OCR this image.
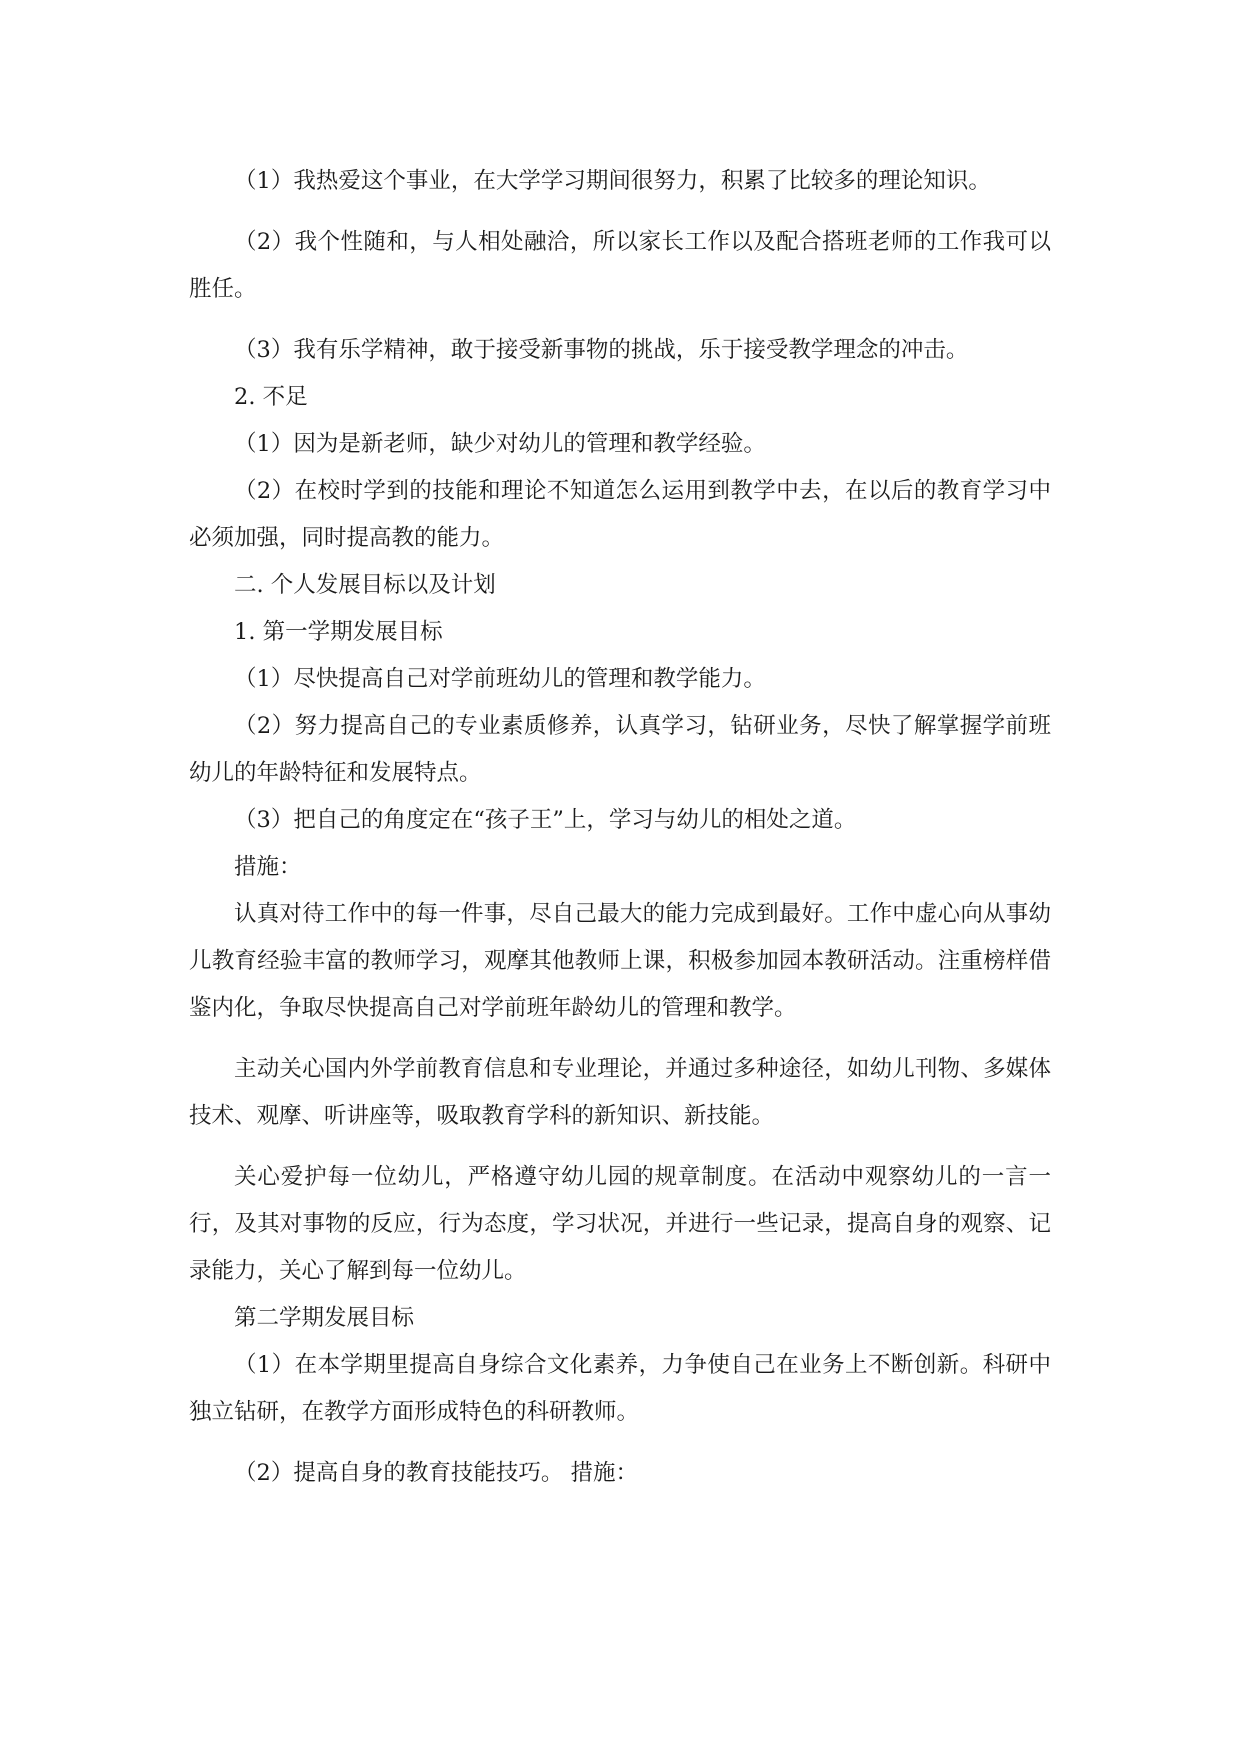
（1）我热爱这个事业，在大学学习期间很努力，积累了比较多的理论知识。

（2）我个性随和，与人相处融洽，所以家长工作以及配合搭班老师的工作我可以胜任。

（3）我有乐学精神，敢于接受新事物的挑战，乐于接受教学理念的冲击。

2. 不足

（1）因为是新老师，缺少对幼儿的管理和教学经验。

（2）在校时学到的技能和理论不知道怎么运用到教学中去，在以后的教育学习中必须加强，同时提高教的能力。

二. 个人发展目标以及计划

1. 第一学期发展目标

（1）尽快提高自己对学前班幼儿的管理和教学能力。

（2）努力提高自己的专业素质修养，认真学习，钻研业务，尽快了解掌握学前班幼儿的年龄特征和发展特点。

（3）把自己的角度定在“孩子王”上，学习与幼儿的相处之道。

措施：

认真对待工作中的每一件事，尽自己最大的能力完成到最好。工作中虚心向从事幼儿教育经验丰富的教师学习，观摩其他教师上课，积极参加园本教研活动。注重榜样借鉴内化，争取尽快提高自己对学前班年龄幼儿的管理和教学。

主动关心国内外学前教育信息和专业理论，并通过多种途径，如幼儿刊物、多媒体技术、观摩、听讲座等，吸取教育学科的新知识、新技能。

关心爱护每一位幼儿，严格遵守幼儿园的规章制度。在活动中观察幼儿的一言一行，及其对事物的反应，行为态度，学习状况，并进行一些记录，提高自身的观察、记录能力，关心了解到每一位幼儿。

第二学期发展目标

（1）在本学期里提高自身综合文化素养，力争使自己在业务上不断创新。科研中独立钻研，在教学方面形成特色的科研教师。

（2）提高自身的教育技能技巧。 措施：
